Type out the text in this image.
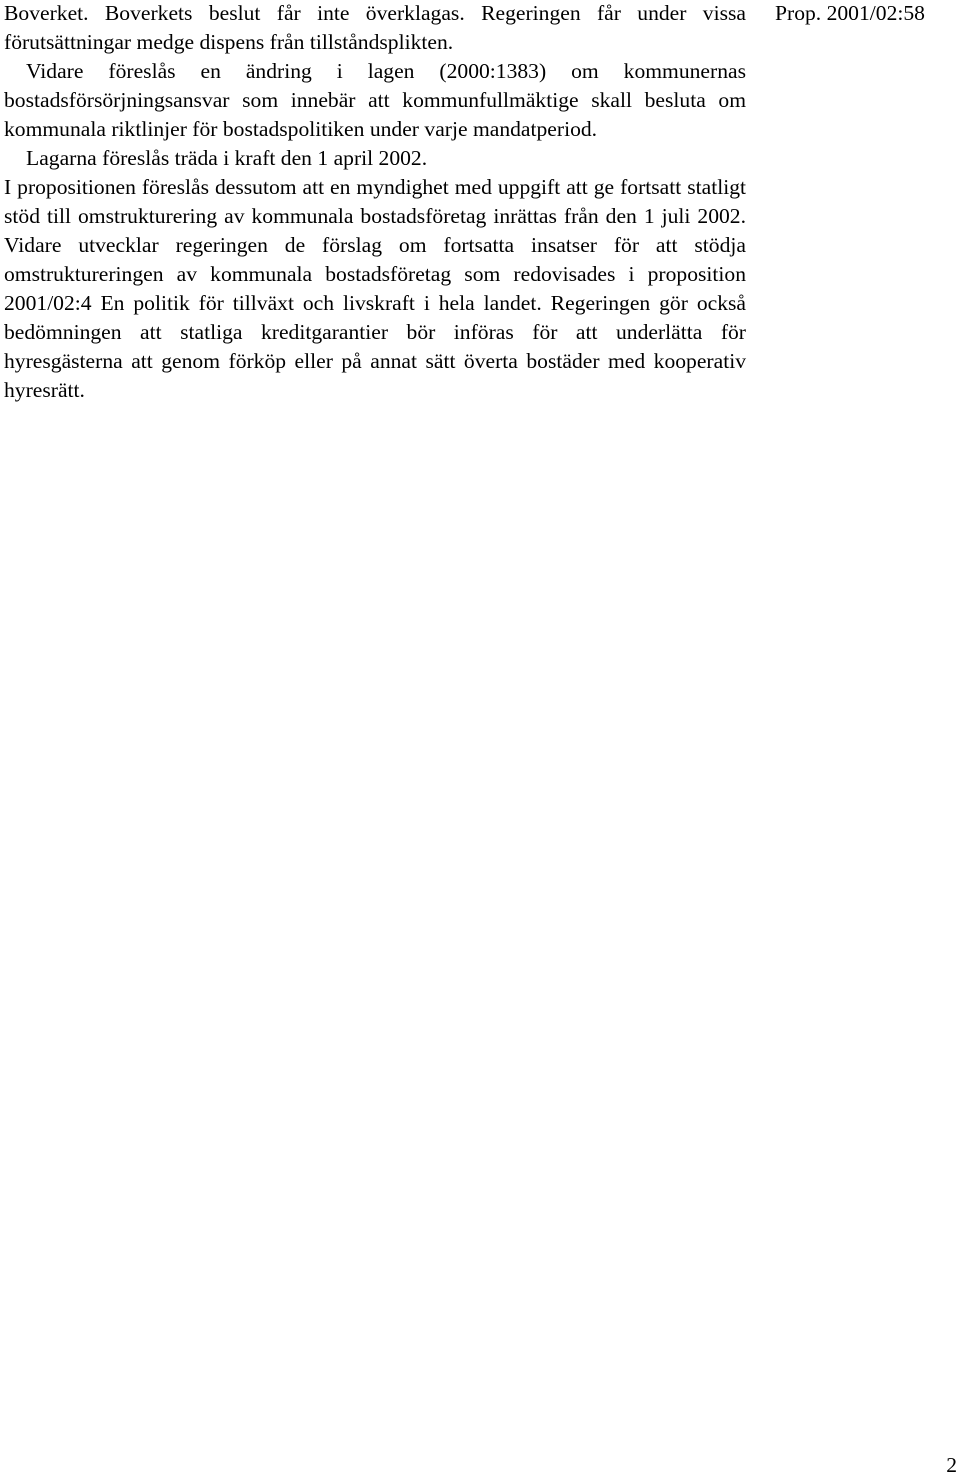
Boverket. Boverkets beslut får inte överklagas. Regeringen får under vissa förutsättningar medge dispens från tillståndsplikten.

Vidare föreslås en ändring i lagen (2000:1383) om kommunernas bostadsförsörjningsansvar som innebär att kommunfullmäktige skall besluta om kommunala riktlinjer för bostadspolitiken under varje mandatperiod.

Lagarna föreslås träda i kraft den 1 april 2002.

I propositionen föreslås dessutom att en myndighet med uppgift att ge fortsatt statligt stöd till omstrukturering av kommunala bostadsföretag inrättas från den 1 juli 2002. Vidare utvecklar regeringen de förslag om fortsatta insatser för att stödja omstruktureringen av kommunala bostadsföretag som redovisades i proposition 2001/02:4 En politik för tillväxt och livskraft i hela landet. Regeringen gör också bedömningen att statliga kreditgarantier bör införas för att underlätta för hyresgästerna att genom förköp eller på annat sätt överta bostäder med kooperativ hyresrätt.

Prop. 2001/02:58
2
